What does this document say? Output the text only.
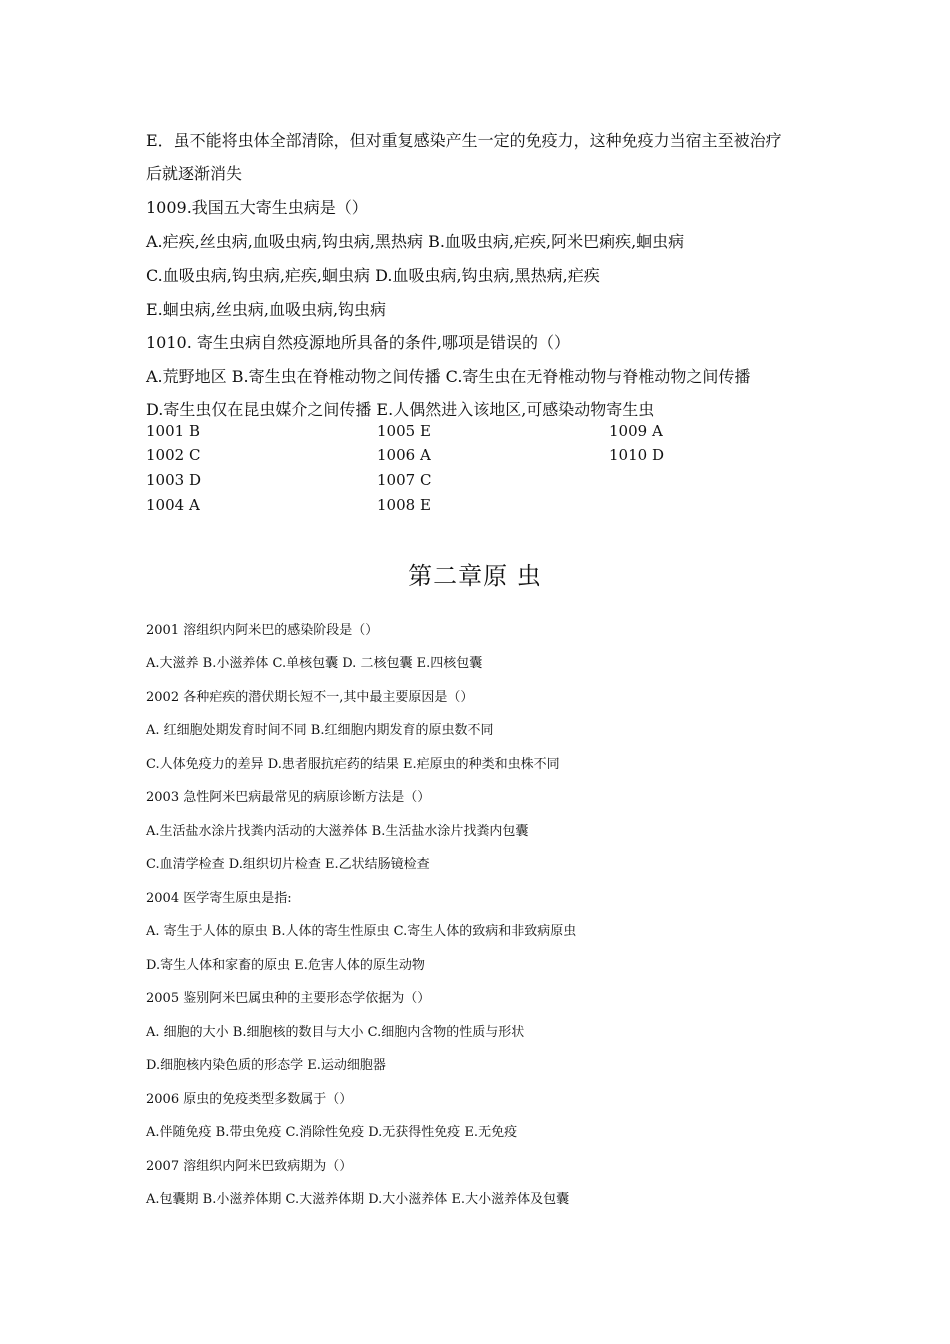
E．虽不能将虫体全部清除，但对重复感染产生一定的免疫力，这种免疫力当宿主至被治疗
后就逐渐消失
1009.我国五大寄生虫病是（）
A.疟疾,丝虫病,血吸虫病,钩虫病,黑热病 B.血吸虫病,疟疾,阿米巴痢疾,蛔虫病
C.血吸虫病,钩虫病,疟疾,蛔虫病 D.血吸虫病,钩虫病,黑热病,疟疾
E.蛔虫病,丝虫病,血吸虫病,钩虫病
1010. 寄生虫病自然疫源地所具备的条件,哪项是错误的（）
A.荒野地区 B.寄生虫在脊椎动物之间传播 C.寄生虫在无脊椎动物与脊椎动物之间传播
D.寄生虫仅在昆虫媒介之间传播 E.人偶然进入该地区,可感染动物寄生虫
1001 B
1002 C
1003 D
1004 A
1005 E
1006 A
1007 C
1008 E
1009 A
1010 D
第二章原 虫
2001 溶组织内阿米巴的感染阶段是（）
A.大滋养 B.小滋养体 C.单核包囊 D. 二核包囊 E.四核包囊
2002 各种疟疾的潜伏期长短不一,其中最主要原因是（）
A. 红细胞处期发育时间不同 B.红细胞内期发育的原虫数不同
C.人体免疫力的差异 D.患者服抗疟药的结果 E.疟原虫的种类和虫株不同
2003 急性阿米巴病最常见的病原诊断方法是（）
A.生活盐水涂片找粪内活动的大滋养体 B.生活盐水涂片找粪内包囊
C.血清学检查 D.组织切片检查 E.乙状结肠镜检查
2004 医学寄生原虫是指:
A. 寄生于人体的原虫 B.人体的寄生性原虫 C.寄生人体的致病和非致病原虫
D.寄生人体和家畜的原虫 E.危害人体的原生动物
2005 鉴别阿米巴属虫种的主要形态学依据为（）
A. 细胞的大小 B.细胞核的数目与大小 C.细胞内含物的性质与形状
D.细胞核内染色质的形态学 E.运动细胞器
2006 原虫的免疫类型多数属于（）
A.伴随免疫 B.带虫免疫 C.消除性免疫 D.无获得性免疫 E.无免疫
2007 溶组织内阿米巴致病期为（）
A.包囊期 B.小滋养体期 C.大滋养体期 D.大小滋养体 E.大小滋养体及包囊
